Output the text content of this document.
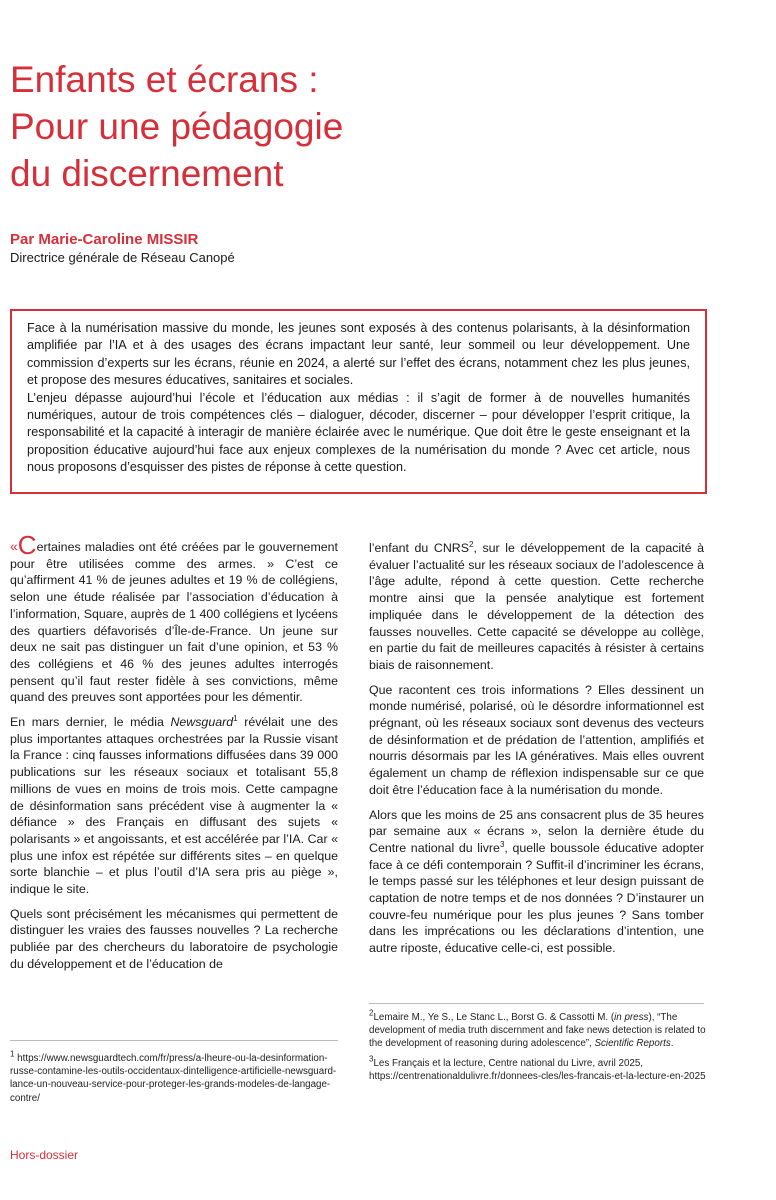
Enfants et écrans :
Pour une pédagogie
du discernement

Par Marie-Caroline MISSIR

Directrice générale de Réseau Canopé

Face à la numérisation massive du monde, les jeunes sont exposés à des contenus polarisants, à la désinformation amplifiée par l’IA et à des usages des écrans impactant leur santé, leur sommeil ou leur développement. Une commission d’experts sur les écrans, réunie en 2024, a alerté sur l’effet des écrans, notamment chez les plus jeunes, et propose des mesures éducatives, sanitaires et sociales.

L’enjeu dépasse aujourd’hui l’école et l’éducation aux médias : il s’agit de former à de nouvelles humanités numériques, autour de trois compétences clés – dialoguer, décoder, discerner – pour développer l’esprit critique, la responsabilité et la capacité à interagir de manière éclairée avec le numérique. Que doit être le geste enseignant et la proposition éducative aujourd’hui face aux enjeux complexes de la numérisation du monde ? Avec cet article, nous nous proposons d’esquisser des pistes de réponse à cette question.

«Certaines maladies ont été créées par le gouvernement pour être utilisées comme des armes. » C’est ce qu’affirment 41 % de jeunes adultes et 19 % de collégiens, selon une étude réalisée par l’association d’éducation à l’information, Square, auprès de 1 400 collégiens et lycéens des quartiers défavorisés d’Île-de-France. Un jeune sur deux ne sait pas distinguer un fait d’une opinion, et 53 % des collégiens et 46 % des jeunes adultes interrogés pensent qu’il faut rester fidèle à ses convictions, même quand des preuves sont apportées pour les démentir.

En mars dernier, le média Newsguard$^1$ révélait une des plus importantes attaques orchestrées par la Russie visant la France : cinq fausses informations diffusées dans 39 000 publications sur les réseaux sociaux et totalisant 55,8 millions de vues en moins de trois mois. Cette campagne de désinformation sans précédent vise à augmenter la « défiance » des Français en diffusant des sujets « polarisants » et angoissants, et est accélérée par l’IA. Car « plus une infox est répétée sur différents sites – en quelque sorte blanchie – et plus l’outil d’IA sera pris au piège », indique le site.

Quels sont précisément les mécanismes qui permettent de distinguer les vraies des fausses nouvelles ? La recherche publiée par des chercheurs du laboratoire de psychologie du développement et de l’éducation de

l’enfant du CNRS$^2$, sur le développement de la capacité à évaluer l’actualité sur les réseaux sociaux de l’adolescence à l’âge adulte, répond à cette question. Cette recherche montre ainsi que la pensée analytique est fortement impliquée dans le développement de la détection des fausses nouvelles. Cette capacité se développe au collège, en partie du fait de meilleures capacités à résister à certains biais de raisonnement.

Que racontent ces trois informations ? Elles dessinent un monde numérisé, polarisé, où le désordre informationnel est prégnant, où les réseaux sociaux sont devenus des vecteurs de désinformation et de prédation de l’attention, amplifiés et nourris désormais par les IA génératives. Mais elles ouvrent également un champ de réflexion indispensable sur ce que doit être l’éducation face à la numérisation du monde.

Alors que les moins de 25 ans consacrent plus de 35 heures par semaine aux « écrans », selon la dernière étude du Centre national du livre$^3$, quelle boussole éducative adopter face à ce défi contemporain ? Suffit-il d’incriminer les écrans, le temps passé sur les téléphones et leur design puissant de captation de notre temps et de nos données ? D’instaurer un couvre-feu numérique pour les plus jeunes ? Sans tomber dans les imprécations ou les déclarations d’intention, une autre riposte, éducative celle-ci, est possible.

$^2$Lemaire M., Ye S., Le Stanc L., Borst G. & Cassotti M. (in press), “The development of media truth discernment and fake news detection is related to the development of reasoning during adolescence”, Scientific Reports.

$^3$Les Français et la lecture, Centre national du Livre, avril 2025, https://centrenationaldulivre.fr/donnees-cles/les-francais-et-la-lecture-en-2025

$^1$ https://www.newsguardtech.com/fr/press/a-lheure-ou-la-desinformation-russe-contamine-les-outils-occidentaux-dintelligence-artificielle-newsguard-lance-un-nouveau-service-pour-proteger-les-grands-modeles-de-langage-contre/

Hors-dossier
